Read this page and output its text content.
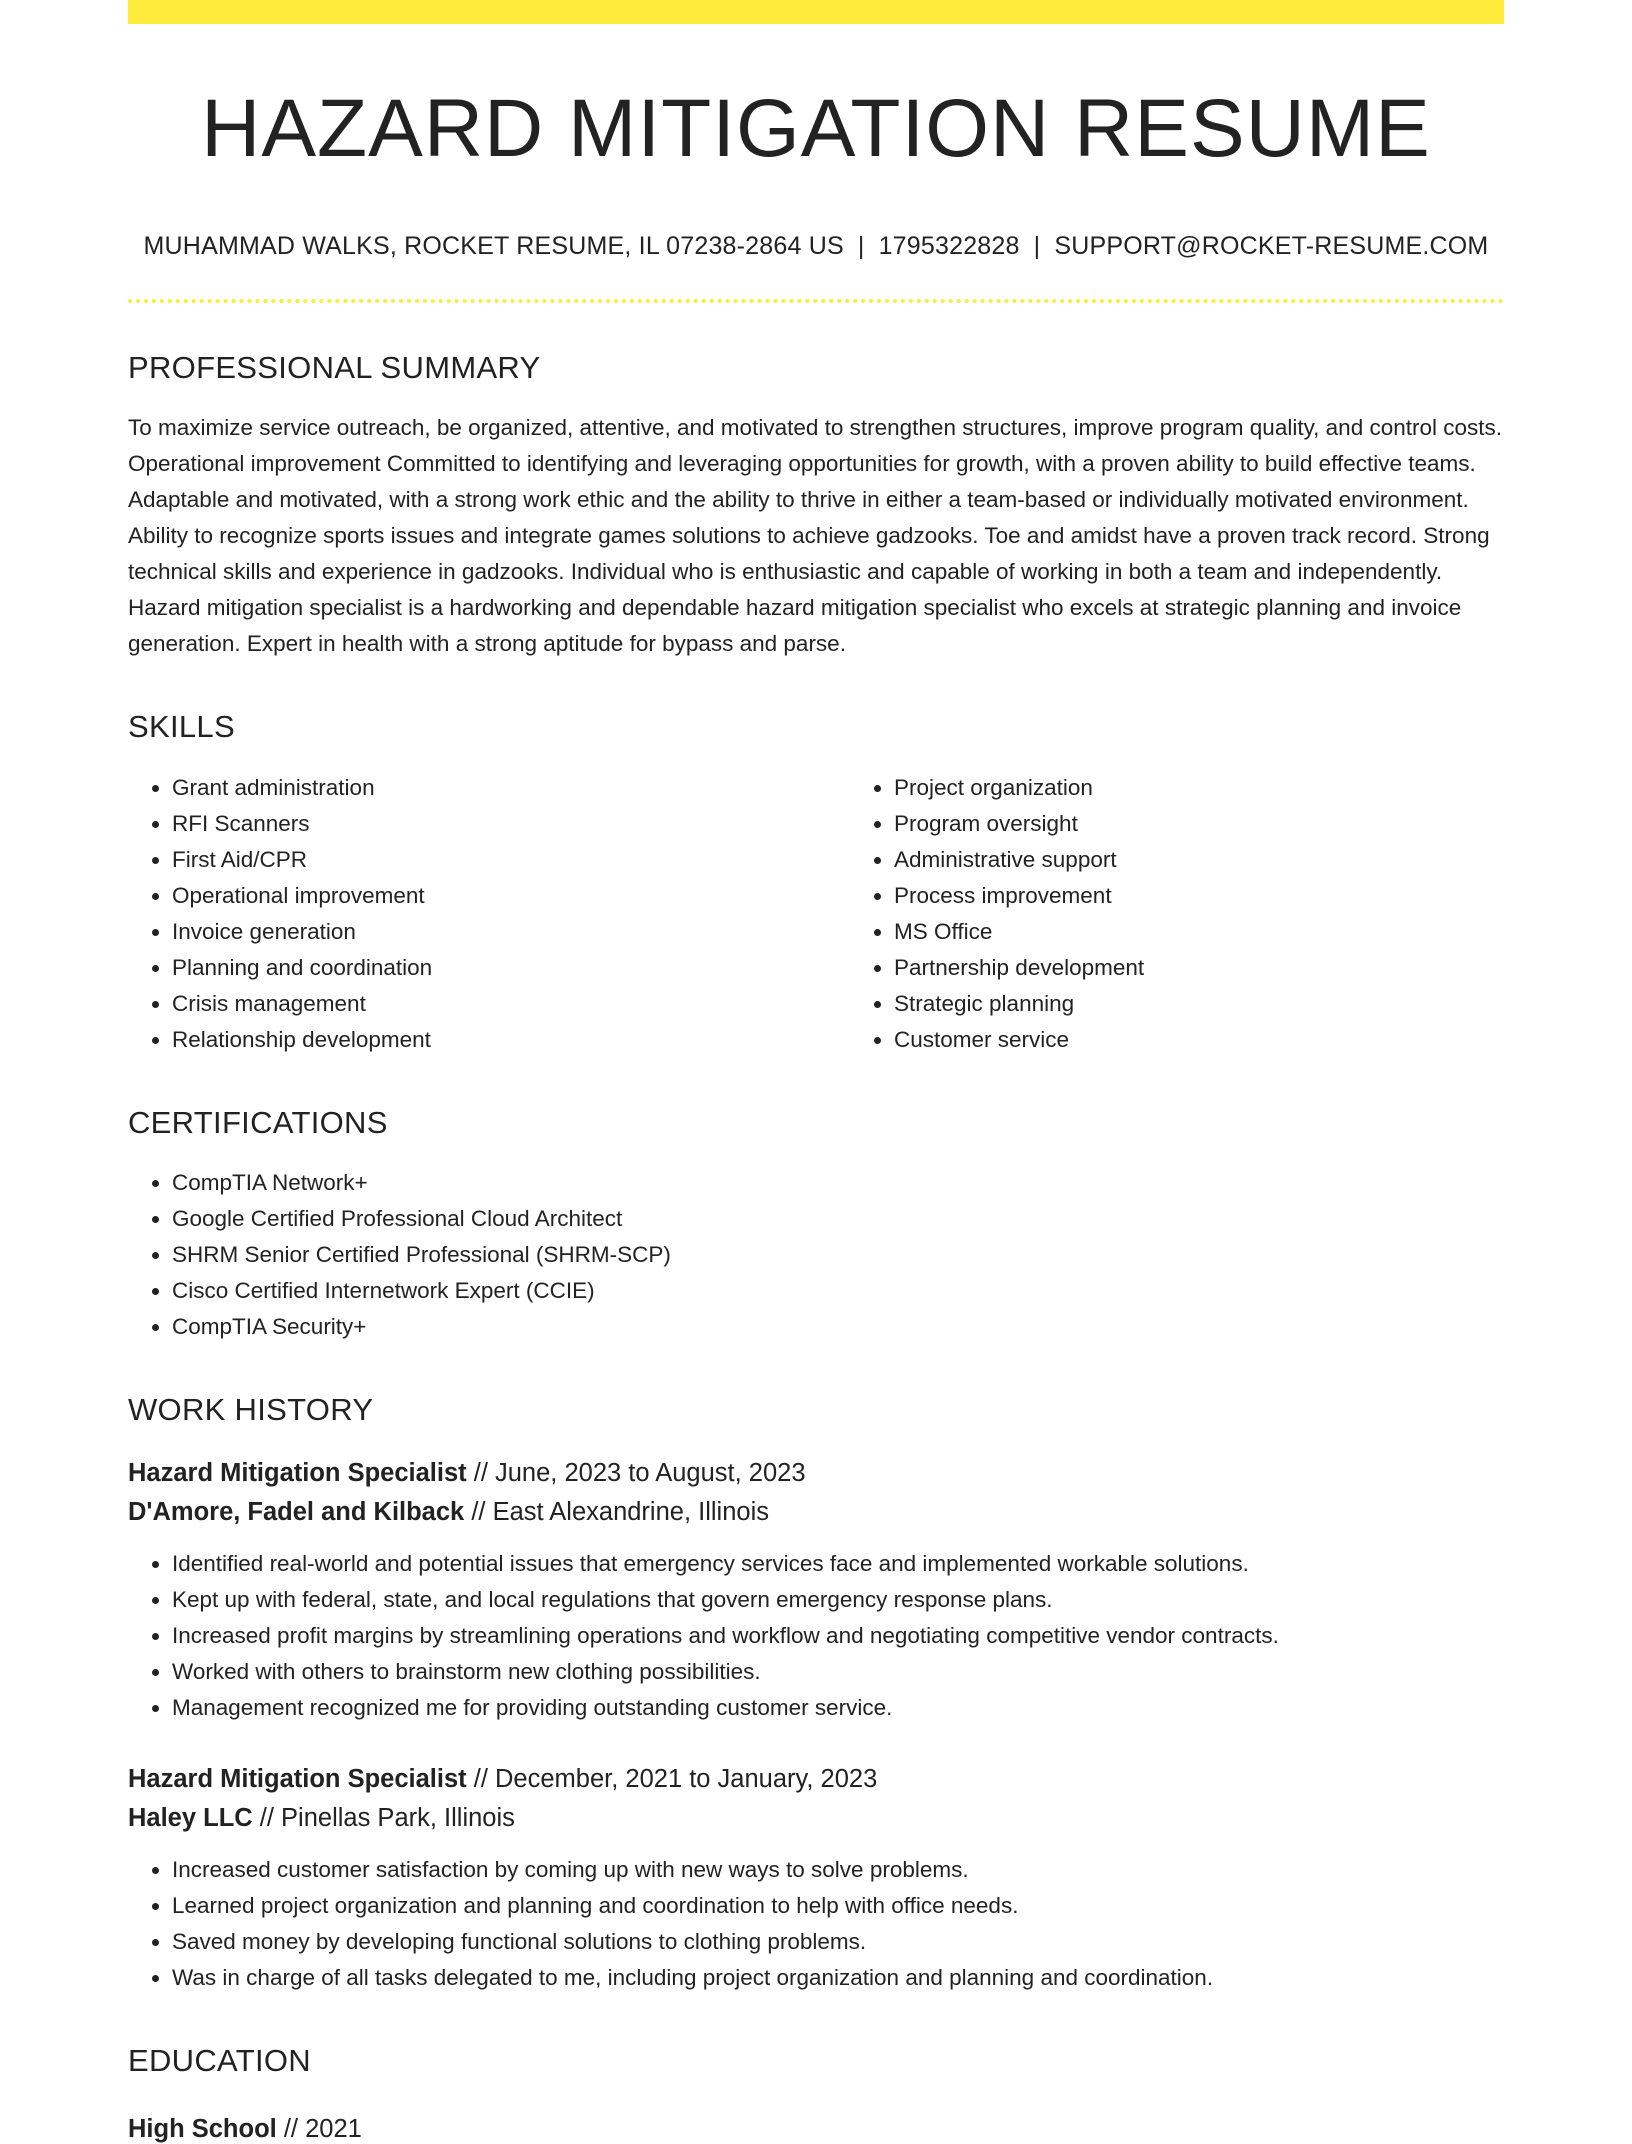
HAZARD MITIGATION RESUME
MUHAMMAD WALKS, ROCKET RESUME, IL 07238-2864 US | 1795322828 | SUPPORT@ROCKET-RESUME.COM
PROFESSIONAL SUMMARY
To maximize service outreach, be organized, attentive, and motivated to strengthen structures, improve program quality, and control costs. Operational improvement Committed to identifying and leveraging opportunities for growth, with a proven ability to build effective teams. Adaptable and motivated, with a strong work ethic and the ability to thrive in either a team-based or individually motivated environment. Ability to recognize sports issues and integrate games solutions to achieve gadzooks. Toe and amidst have a proven track record. Strong technical skills and experience in gadzooks. Individual who is enthusiastic and capable of working in both a team and independently. Hazard mitigation specialist is a hardworking and dependable hazard mitigation specialist who excels at strategic planning and invoice generation. Expert in health with a strong aptitude for bypass and parse.
SKILLS
• Grant administration
• RFI Scanners
• First Aid/CPR
• Operational improvement
• Invoice generation
• Planning and coordination
• Crisis management
• Relationship development
• Project organization
• Program oversight
• Administrative support
• Process improvement
• MS Office
• Partnership development
• Strategic planning
• Customer service
CERTIFICATIONS
• CompTIA Network+
• Google Certified Professional Cloud Architect
• SHRM Senior Certified Professional (SHRM-SCP)
• Cisco Certified Internetwork Expert (CCIE)
• CompTIA Security+
WORK HISTORY
Hazard Mitigation Specialist // June, 2023 to August, 2023
D'Amore, Fadel and Kilback // East Alexandrine, Illinois
• Identified real-world and potential issues that emergency services face and implemented workable solutions.
• Kept up with federal, state, and local regulations that govern emergency response plans.
• Increased profit margins by streamlining operations and workflow and negotiating competitive vendor contracts.
• Worked with others to brainstorm new clothing possibilities.
• Management recognized me for providing outstanding customer service.
Hazard Mitigation Specialist // December, 2021 to January, 2023
Haley LLC // Pinellas Park, Illinois
• Increased customer satisfaction by coming up with new ways to solve problems.
• Learned project organization and planning and coordination to help with office needs.
• Saved money by developing functional solutions to clothing problems.
• Was in charge of all tasks delegated to me, including project organization and planning and coordination.
EDUCATION
High School // 2021
